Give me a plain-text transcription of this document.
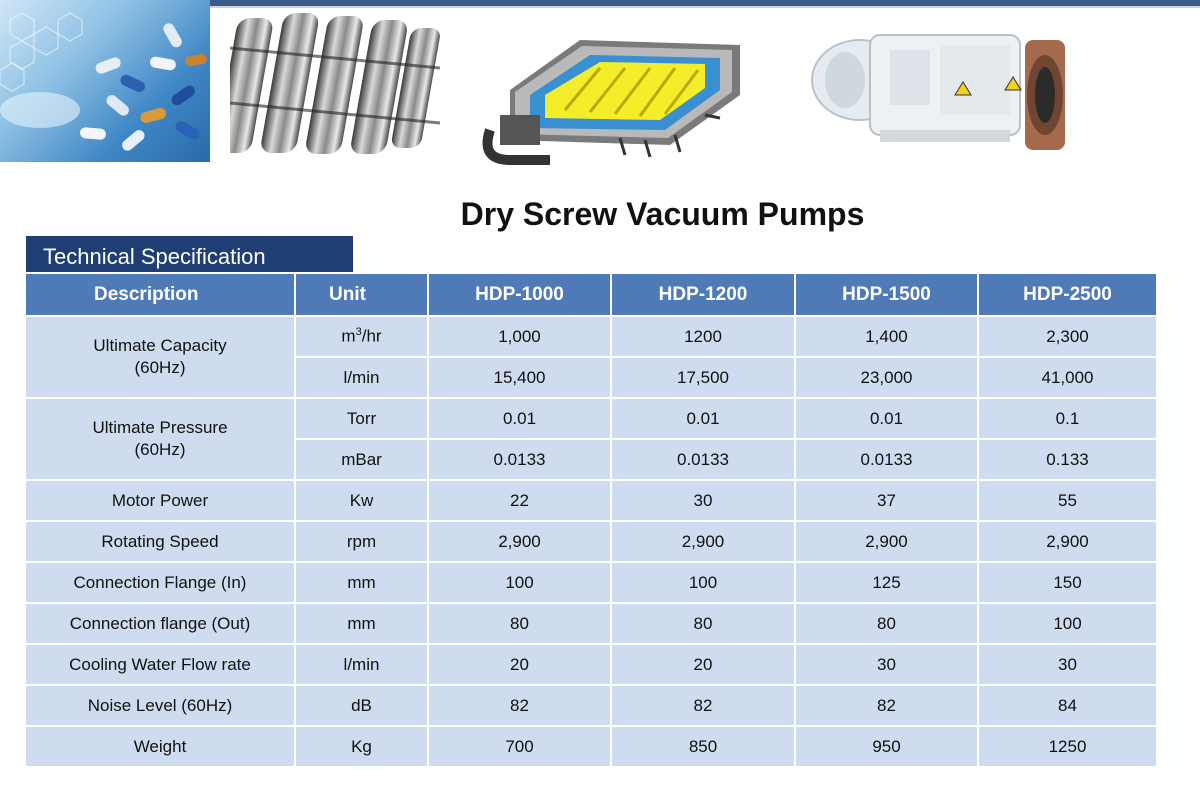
Dry Screw Vacuum Pumps
Technical Specification
Description	Unit	HDP-1000	HDP-1200	HDP-1500	HDP-2500

Ultimate Capacity
(60Hz)	$m^3/hr$	1,000	1200	1,400	2,300
	l/min	15,400	17,500	23,000	41,000

Ultimate Pressure
(60Hz)	Torr	0.01	0.01	0.01	0.1
	mBar	0.0133	0.0133	0.0133	0.133
Motor Power	Kw	22	30	37	55
Rotating Speed	rpm	2,900	2,900	2,900	2,900
Connection Flange (In)	mm	100	100	125	150
Connection flange (Out)	mm	80	80	80	100
Cooling Water Flow rate	l/min	20	20	30	30
Noise Level (60Hz)	dB	82	82	82	84
Weight	Kg	700	850	950	1250
